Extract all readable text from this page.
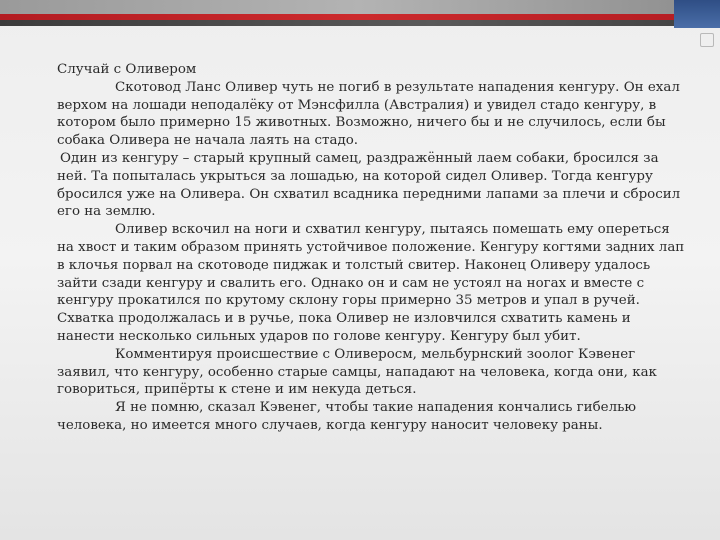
Случай с Оливером

Скотовод Ланс Оливер чуть не погиб в результате нападения кенгуру. Он ехал верхом на лошади неподалёку от Мэнсфилла (Австралия) и увидел стадо кенгуру, в котором было примерно 15 животных. Возможно, ничего бы и не случилось, если бы собака Оливера не начала лаять на стадо.

Один из кенгуру – старый крупный самец, раздражённый лаем собаки, бросился за ней. Та попыталась укрыться за лошадью, на которой сидел Оливер. Тогда кенгуру бросился уже на Оливера. Он схватил всадника передними лапами за плечи и сбросил его на землю.

Оливер вскочил на ноги и схватил кенгуру, пытаясь помешать ему опереться на хвост и таким образом принять устойчивое положение. Кенгуру когтями задних лап в клочья порвал на скотоводе пиджак и толстый свитер. Наконец Оливеру удалось зайти сзади кенгуру и свалить его. Однако он и сам не устоял на ногах и вместе с кенгуру прокатился по крутому склону горы примерно 35 метров и упал в ручей. Схватка продолжалась и в ручье, пока Оливер не изловчился схватить камень и нанести несколько сильных ударов по голове кенгуру. Кенгуру был убит.

Комментируя происшествие с Оливеросм, мельбурнский зоолог Кэвенег заявил, что кенгуру, особенно старые самцы, нападают на человека, когда они, как говориться, припёрты к стене и им некуда деться.

Я не помню, сказал Кэвенег, чтобы такие нападения кончались гибелью человека, но имеется много случаев, когда кенгуру наносит человеку раны.
